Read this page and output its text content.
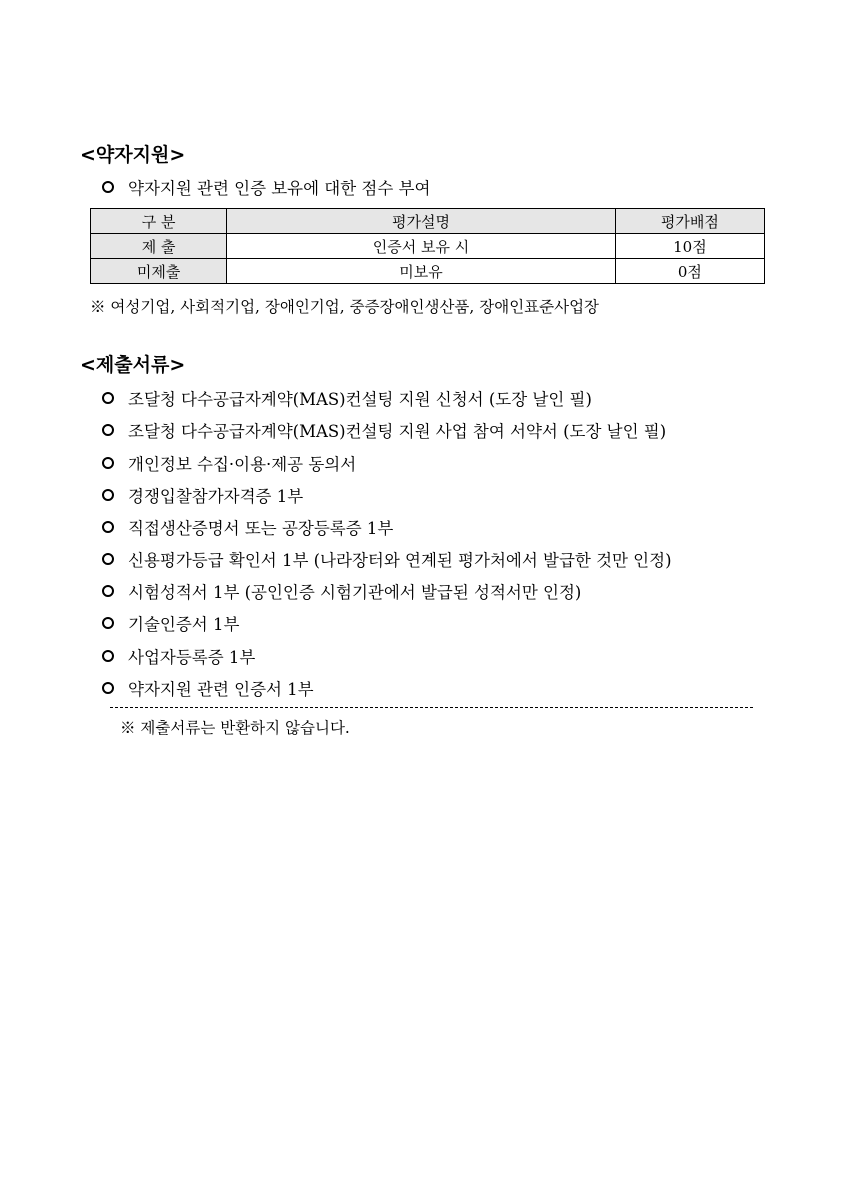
<약자지원>
약자지원 관련 인증 보유에 대한 점수 부여
구 분	평가설명	평가배점
제 출	인증서 보유 시	10점
미제출	미보유	0점
※ 여성기업, 사회적기업, 장애인기업, 중증장애인생산품, 장애인표준사업장
<제출서류>
조달청 다수공급자계약(MAS)컨설팅 지원 신청서 (도장 날인 필)
조달청 다수공급자계약(MAS)컨설팅 지원 사업 참여 서약서 (도장 날인 필)
개인정보 수집·이용·제공 동의서
경쟁입찰참가자격증 1부
직접생산증명서 또는 공장등록증 1부
신용평가등급 확인서 1부 (나라장터와 연계된 평가처에서 발급한 것만 인정)
시험성적서 1부 (공인인증 시험기관에서 발급된 성적서만 인정)
기술인증서 1부
사업자등록증 1부
약자지원 관련 인증서 1부
※ 제출서류는 반환하지 않습니다.
